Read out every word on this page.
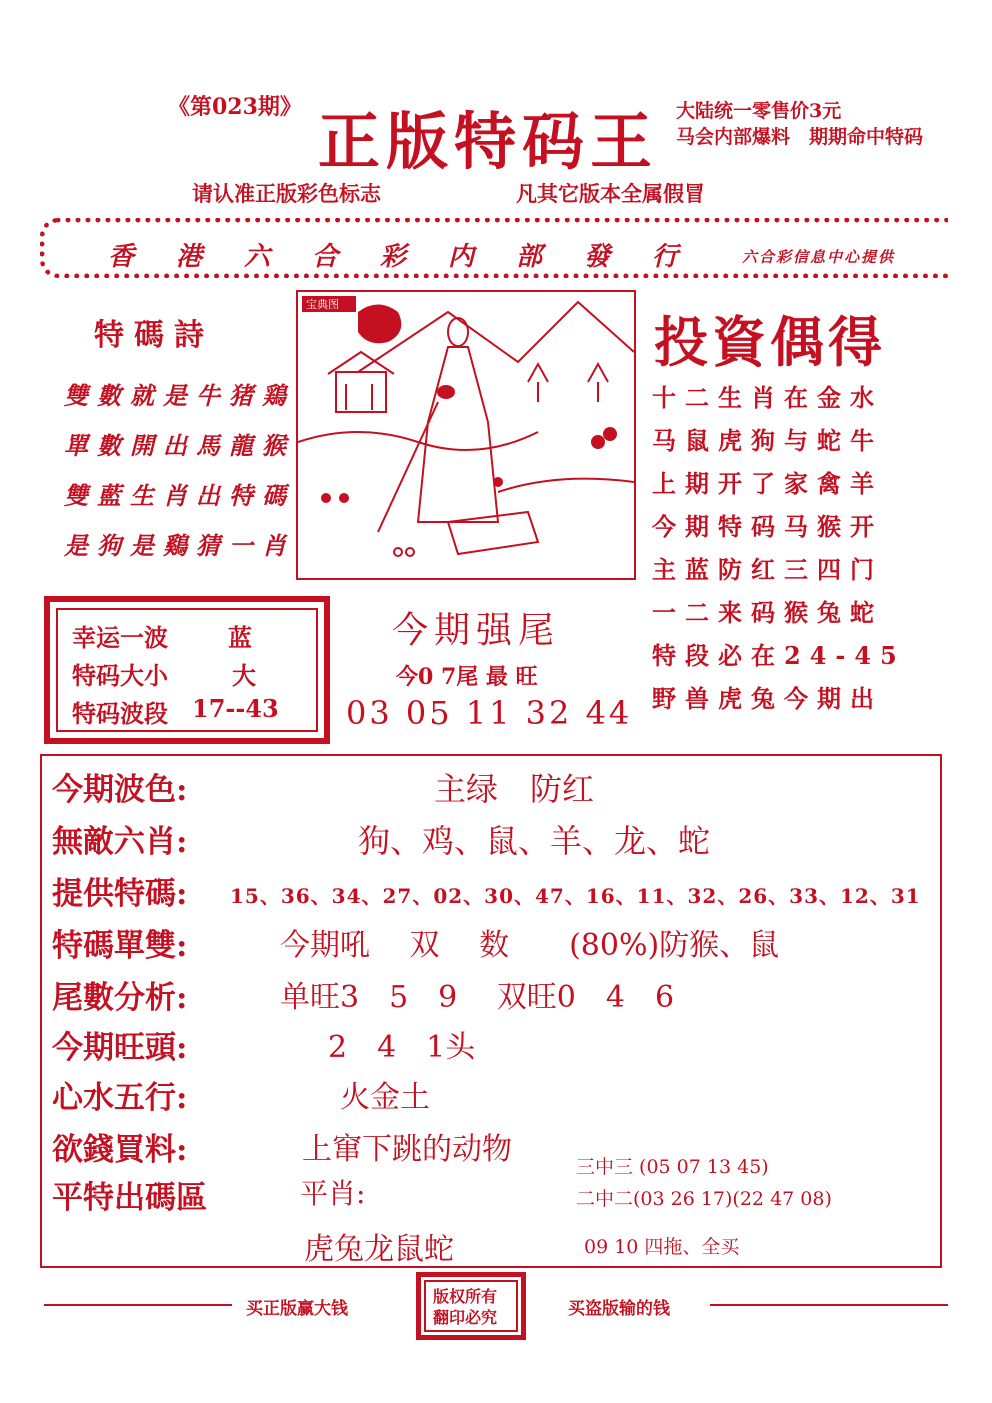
《第023期》 正版特码王 大陆统一零售价3元
马会内部爆料　期期命中特码
请认准正版彩色标志	凡其它版本全属假冒
香港六合彩内部發行 六合彩信息中心提供
特碼詩
雙數就是牛猪鶏
單數開出馬龍猴
雙藍生肖出特碼
是狗是鷄猜一肖
宝典图
投資偶得
十二生肖在金水
马鼠虎狗与蛇牛
上期开了家禽羊
今期特码马猴开
主蓝防红三四门
一二来码猴兔蛇
特段必在24-45
野兽虎兔今期出
幸运一波	蓝
特码大小	大
特码波段 17--43
今期强尾
今0 7尾 最 旺
03 05 11 32 44
今期波色:	主绿　防红
無敵六肖:	狗、鸡、鼠、羊、龙、蛇
提供特碼: 15、36、34、27、02、30、47、16、11、32、26、33、12、31
特碼單雙:	今期吼　 双　 数　　(80%)防猴、鼠
尾數分析:	单旺3　5　9　 双旺0　4　6
今期旺頭:	2　4　1头
心水五行:	火金土
欲錢買料:	上窜下跳的动物
平特出碼區	平肖:
虎兔龙鼠蛇
三中三 (05 07 13 45)
二中二(03 26 17)(22 47 08)
09 10 四拖、全买
买正版赢大钱	买盗版输的钱
版权所有
翻印必究
